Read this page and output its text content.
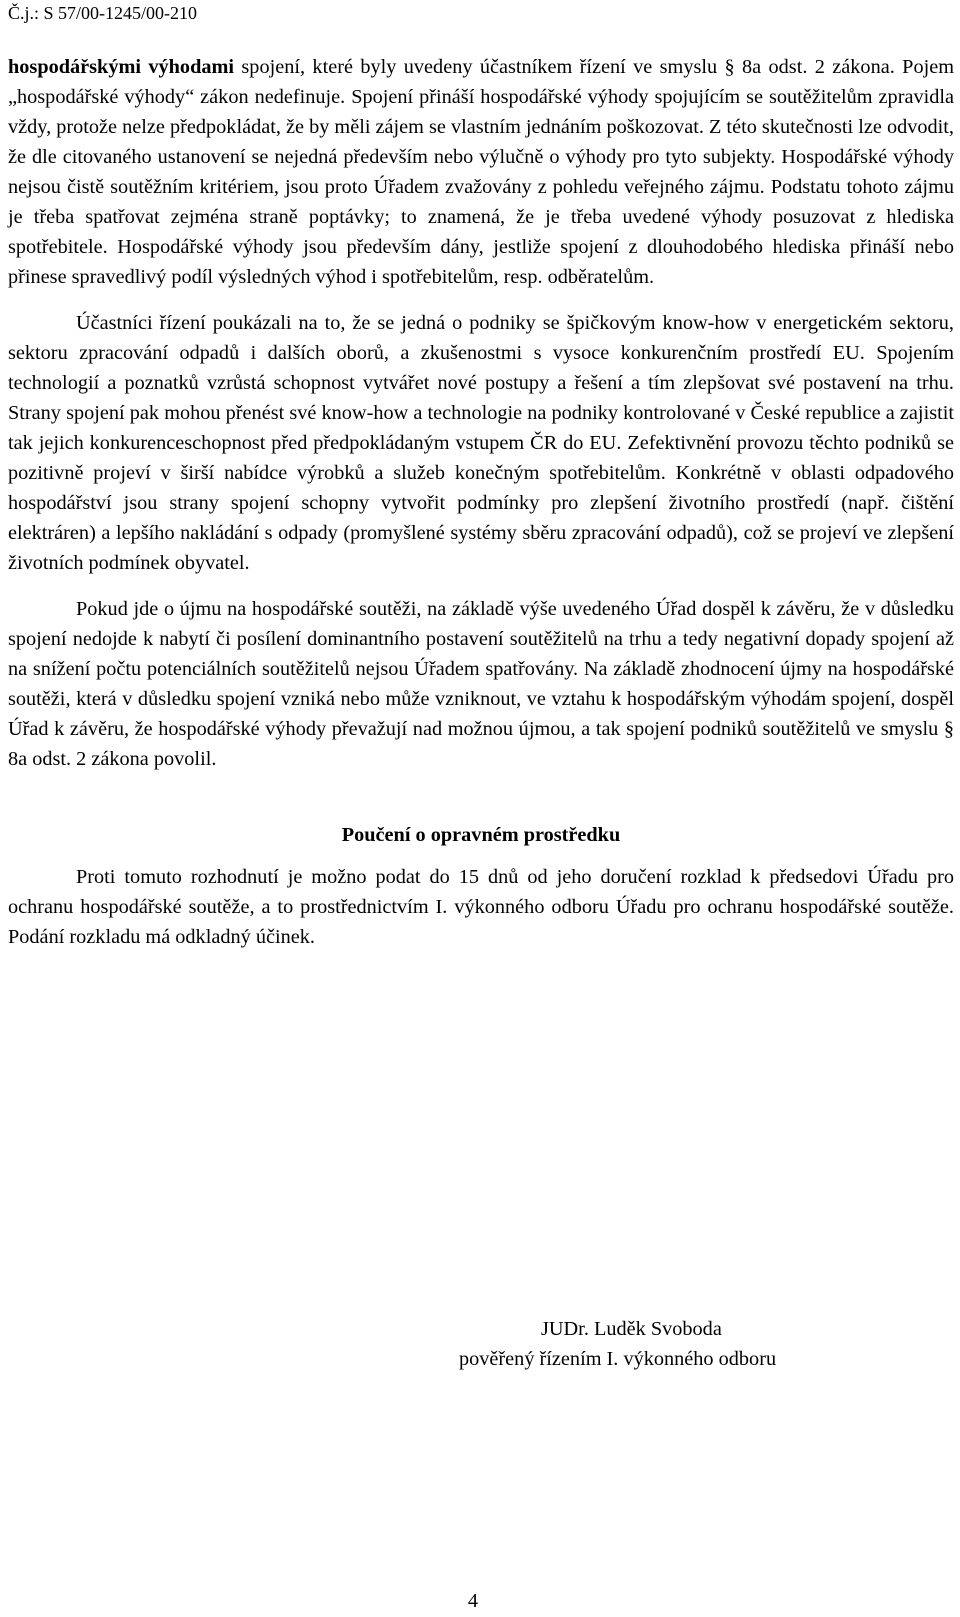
Č.j.: S 57/00-1245/00-210

hospodářskými výhodami spojení, které byly uvedeny účastníkem řízení ve smyslu § 8a odst. 2 zákona. Pojem „hospodářské výhody“ zákon nedefinuje. Spojení přináší hospodářské výhody spojujícím se soutěžitelům zpravidla vždy, protože nelze předpokládat, že by měli zájem se vlastním jednáním poškozovat. Z této skutečnosti lze odvodit, že dle citovaného ustanovení se nejedná především nebo výlučně o výhody pro tyto subjekty. Hospodářské výhody nejsou čistě soutěžním kritériem, jsou proto Úřadem zvažovány z pohledu veřejného zájmu. Podstatu tohoto zájmu je třeba spatřovat zejména straně poptávky; to znamená, že je třeba uvedené výhody posuzovat z hlediska spotřebitele. Hospodářské výhody jsou především dány, jestliže spojení z dlouhodobého hlediska přináší nebo přinese spravedlivý podíl výsledných výhod i spotřebitelům, resp. odběratelům.

Účastníci řízení poukázali na to, že se jedná o podniky se špičkovým know-how v energetickém sektoru, sektoru zpracování odpadů i dalších oborů, a zkušenostmi s vysoce konkurenčním prostředí EU. Spojením technologií a poznatků vzrůstá schopnost vytvářet nové postupy a řešení a tím zlepšovat své postavení na trhu. Strany spojení pak mohou přenést své know-how a technologie na podniky kontrolované v České republice a zajistit tak jejich konkurenceschopnost před předpokládaným vstupem ČR do EU. Zefektivnění provozu těchto podniků se pozitivně projeví v širší nabídce výrobků a služeb konečným spotřebitelům. Konkrétně v oblasti odpadového hospodářství jsou strany spojení schopny vytvořit podmínky pro zlepšení životního prostředí (např. čištění elektráren) a lepšího nakládání s odpady (promyšlené systémy sběru zpracování odpadů), což se projeví ve zlepšení životních podmínek obyvatel.

Pokud jde o újmu na hospodářské soutěži, na základě výše uvedeného Úřad dospěl k závěru, že v důsledku spojení nedojde k nabytí či posílení dominantního postavení soutěžitelů na trhu a tedy negativní dopady spojení až na snížení počtu potenciálních soutěžitelů nejsou Úřadem spatřovány. Na základě zhodnocení újmy na hospodářské soutěži, která v důsledku spojení vzniká nebo může vzniknout, ve vztahu k hospodářským výhodám spojení, dospěl Úřad k závěru, že hospodářské výhody převažují nad možnou újmou, a tak spojení podniků soutěžitelů ve smyslu § 8a odst. 2 zákona povolil.

Poučení o opravném prostředku

Proti tomuto rozhodnutí je možno podat do 15 dnů od jeho doručení rozklad k předsedovi Úřadu pro ochranu hospodářské soutěže, a to prostřednictvím I. výkonného odboru Úřadu pro ochranu hospodářské soutěže. Podání rozkladu má odkladný účinek.

JUDr. Luděk Svoboda

pověřený řízením I. výkonného odboru

4
